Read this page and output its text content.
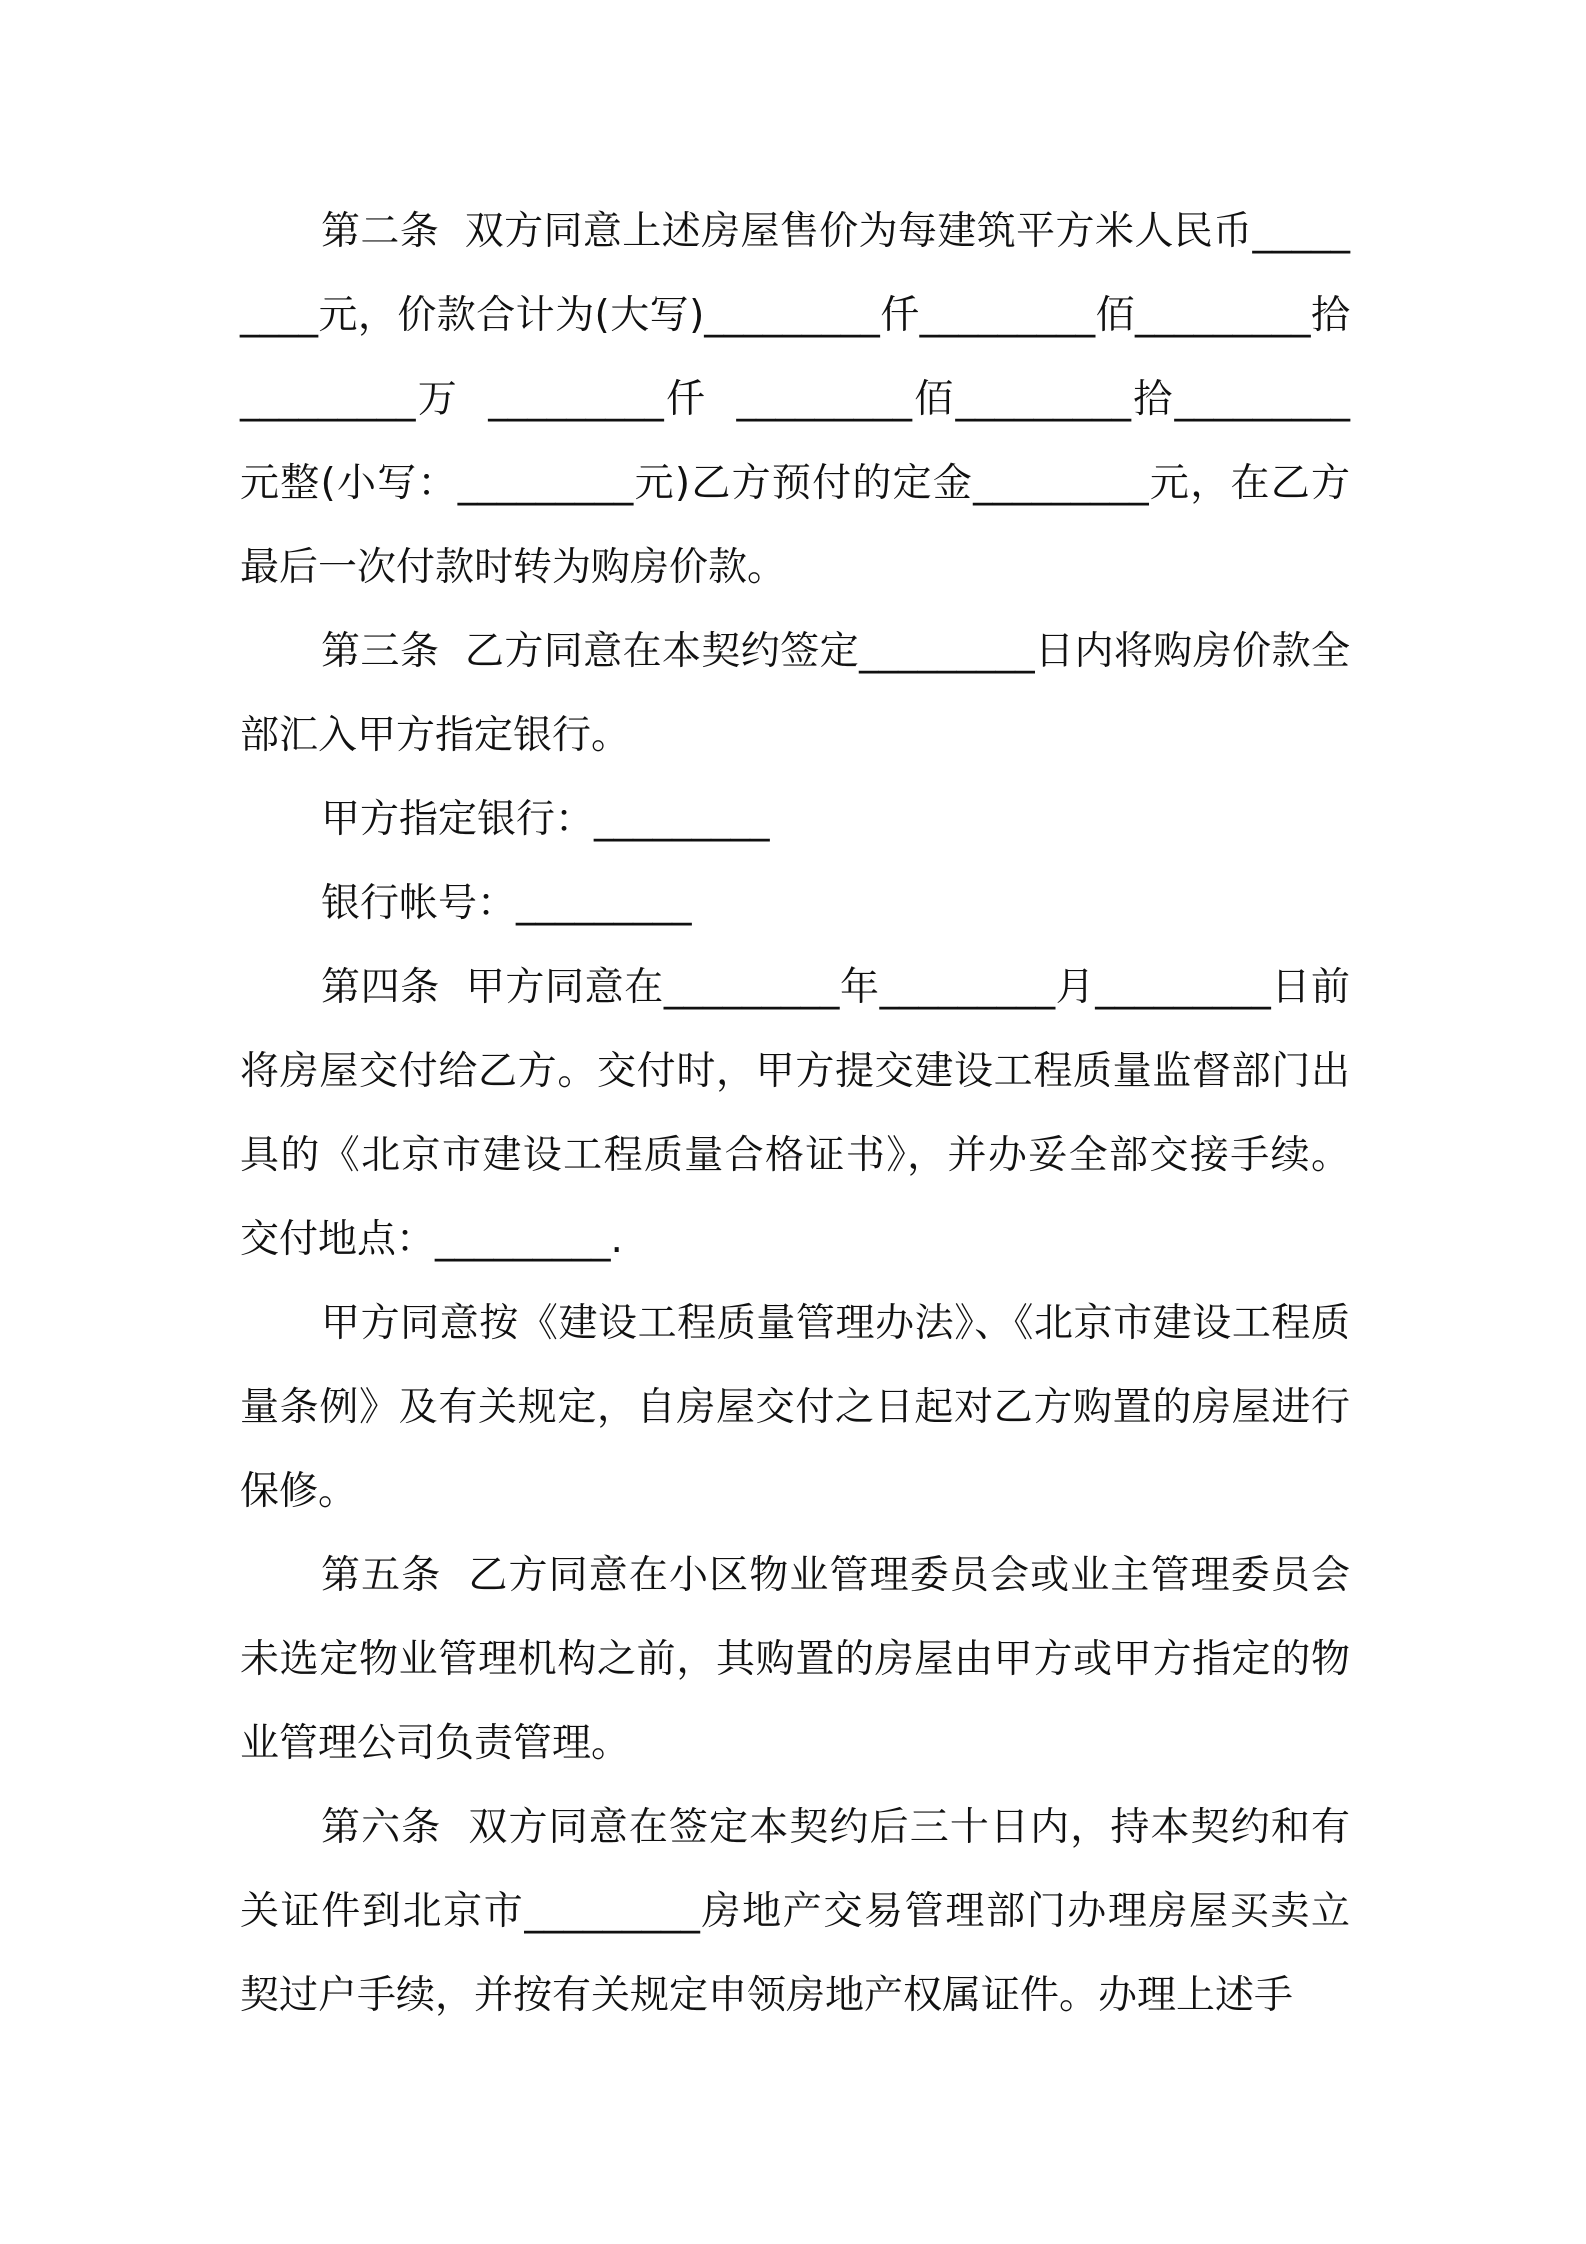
第二条  双方同意上述房屋售价为每建筑平方米人民币_________元，价款合计为(大写)_________仟_________佰_________拾      _________万  _________仟  _________佰_________拾_________元整(小写：_________元)乙方预付的定金_________元，在乙方最后一次付款时转为购房价款。

第三条  乙方同意在本契约签定_________日内将购房价款全部汇入甲方指定银行。

甲方指定银行：_________

银行帐号：_________

第四条  甲方同意在_________年_________月_________日前将房屋交付给乙方。交付时，甲方提交建设工程质量监督部门出具的《北京市建设工程质量合格证书》，并办妥全部交接手续。交付地点：_________.

甲方同意按《建设工程质量管理办法》、《北京市建设工程质量条例》及有关规定，自房屋交付之日起对乙方购置的房屋进行保修。

第五条  乙方同意在小区物业管理委员会或业主管理委员会未选定物业管理机构之前，其购置的房屋由甲方或甲方指定的物业管理公司负责管理。

第六条  双方同意在签定本契约后三十日内，持本契约和有关证件到北京市_________房地产交易管理部门办理房屋买卖立契过户手续，并按有关规定申领房地产权属证件。办理上述手
